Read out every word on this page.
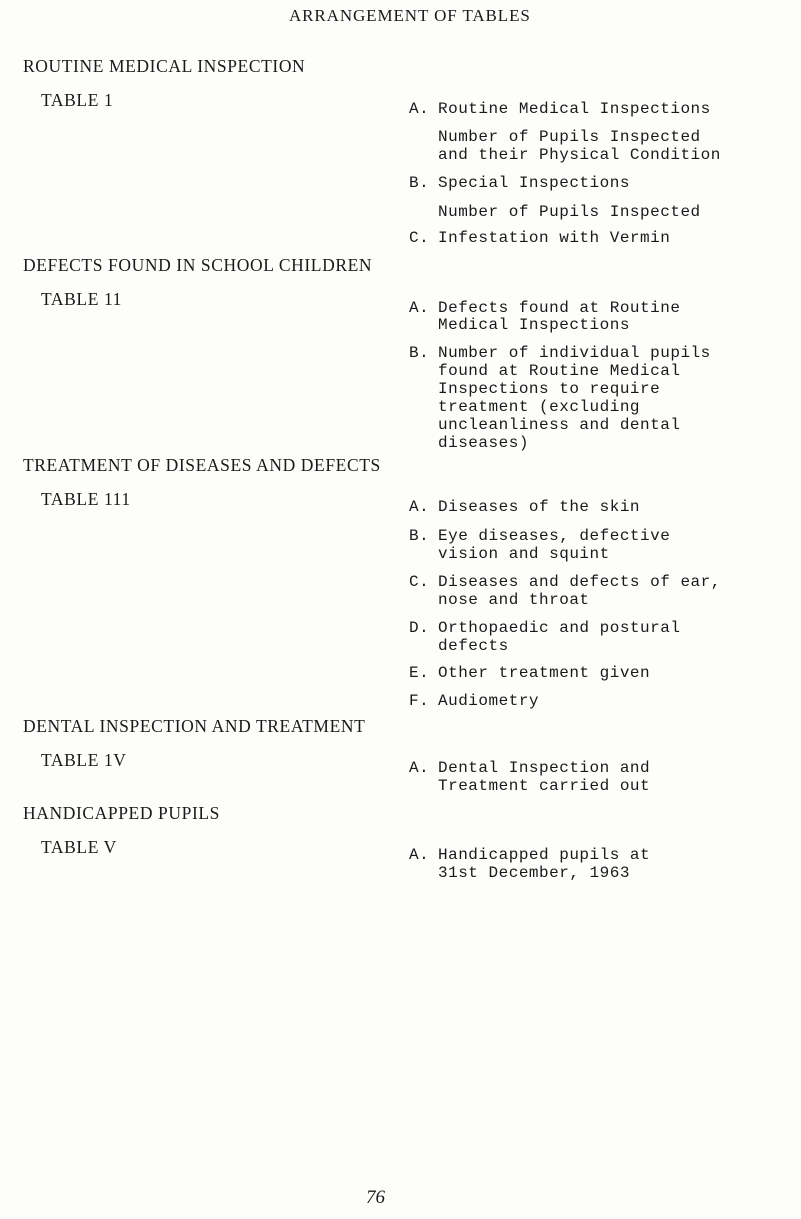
ARRANGEMENT OF TABLES
ROUTINE MEDICAL INSPECTION
TABLE 1	A. Routine Medical Inspections
Number of Pupils Inspected
and their Physical Condition
B. Special Inspections
Number of Pupils Inspected
C. Infestation with Vermin
DEFECTS FOUND IN SCHOOL CHILDREN
TABLE 11	A. Defects found at Routine
Medical Inspections
B. Number of individual pupils
found at Routine Medical
Inspections to require
treatment (excluding
uncleanliness and dental
diseases)
TREATMENT OF DISEASES AND DEFECTS
TABLE 111	A. Diseases of the skin
B. Eye diseases, defective
vision and squint
C. Diseases and defects of ear,
nose and throat
D. Orthopaedic and postural
defects
E. Other treatment given
F. Audiometry
DENTAL INSPECTION AND TREATMENT
TABLE 1V	A. Dental Inspection and
Treatment carried out
HANDICAPPED PUPILS
TABLE V	A. Handicapped pupils at
31st December, 1963
76
